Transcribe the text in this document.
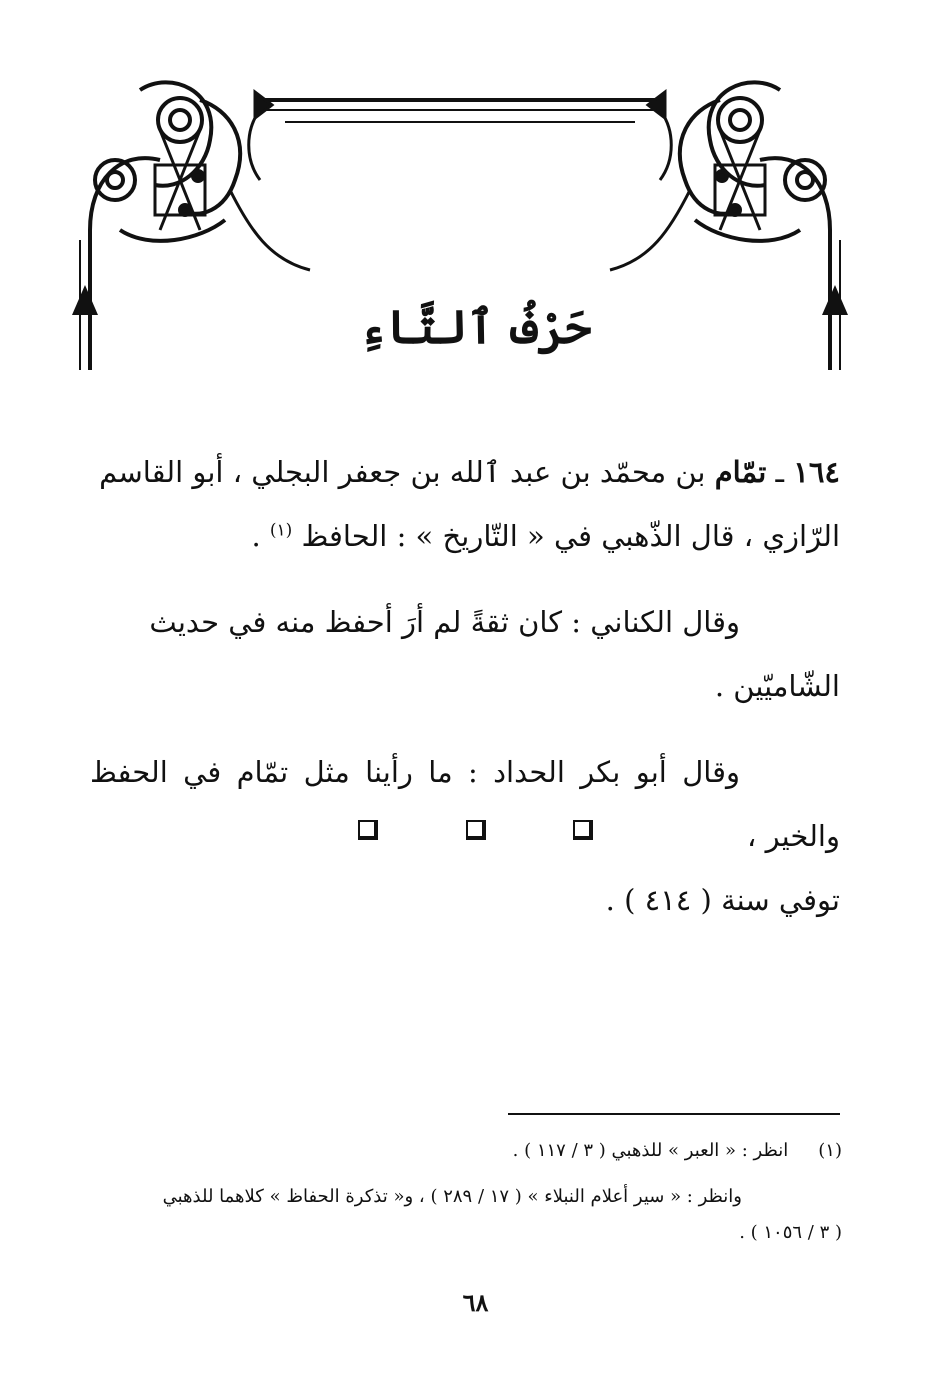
حَرْفُ ٱلتَّاءِ

١٦٤ ـ تمّام بن محمّد بن عبد ٱلله بن جعفر البجلي ، أبو القاسم
الرّازي ، قال الذّهبي في « التّاريخ » : الحافظ $^{(١)}$ .

وقال الكناني : كان ثقةً لم أرَ أحفظ منه في حديث
الشّاميّين .

وقال أبو بكر الحداد : ما رأينا مثل تمّام في الحفظ والخير ،
توفي سنة ( ٤١٤ ) .

(١) انظر : « العبر » للذهبي ( ٣ / ١١٧ ) .

وانظر : « سير أعلام النبلاء » ( ١٧ / ٢٨٩ ) ، و« تذكرة الحفاظ » كلاهما للذهبي
( ٣ / ١٠٥٦ ) .

٦٨
